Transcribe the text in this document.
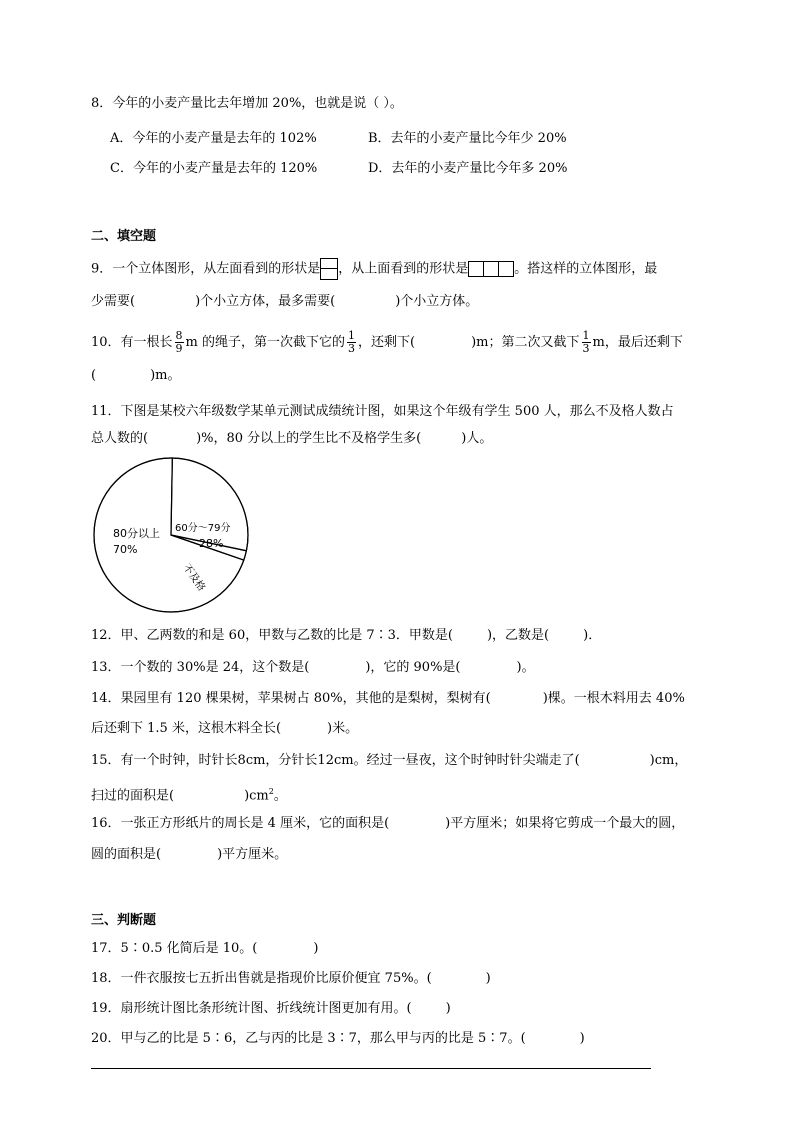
8．今年的小麦产量比去年增加 20%，也就是说（ ）。
A．今年的小麦产量是去年的 102%	B．去年的小麦产量比今年少 20%
C．今年的小麦产量是去年的 120%	D．去年的小麦产量比今年多 20%
二、填空题
9．一个立体图形，从左面看到的形状是 ，从上面看到的形状是	。搭这样的立体图形，最
少需要(	)个小立方体，最多需要(	)个小立方体。
10．有一根长 $\frac{8}{9}$ m 的绳子，第一次截下它的 $\frac{1}{3}$ ，还剩下(	)m；第二次又截下 $\frac{1}{3}$ m，最后还剩下
(	)m。
11．下图是某校六年级数学某单元测试成绩统计图，如果这个年级有学生 500 人，那么不及格人数占
总人数的(	)%，80 分以上的学生比不及格学生多(	)人。
80分以上
70%
60分～79分
28%
不及格
12．甲、乙两数的和是 60，甲数与乙数的比是 7∶3．甲数是(	)，乙数是(	)．
13．一个数的 30%是 24，这个数是(	)，它的 90%是(	)。
14．果园里有 120 棵果树，苹果树占 80%，其他的是梨树，梨树有(	)棵。一根木料用去 40%
后还剩下 1.5 米，这根木料全长(	)米。
15．有一个时钟，时针长8cm，分针长12cm。经过一昼夜，这个时钟时针尖端走了(	)cm，
扫过的面积是(	)$cm^2$。
16．一张正方形纸片的周长是 4 厘米，它的面积是(	)平方厘米；如果将它剪成一个最大的圆，
圆的面积是(	)平方厘米。
三、判断题
17．5∶0.5 化简后是 10。(	)
18．一件衣服按七五折出售就是指现价比原价便宜 75%。(	)
19．扇形统计图比条形统计图、折线统计图更加有用。(	)
20．甲与乙的比是 5∶6，乙与丙的比是 3∶7，那么甲与丙的比是 5∶7。(	)
